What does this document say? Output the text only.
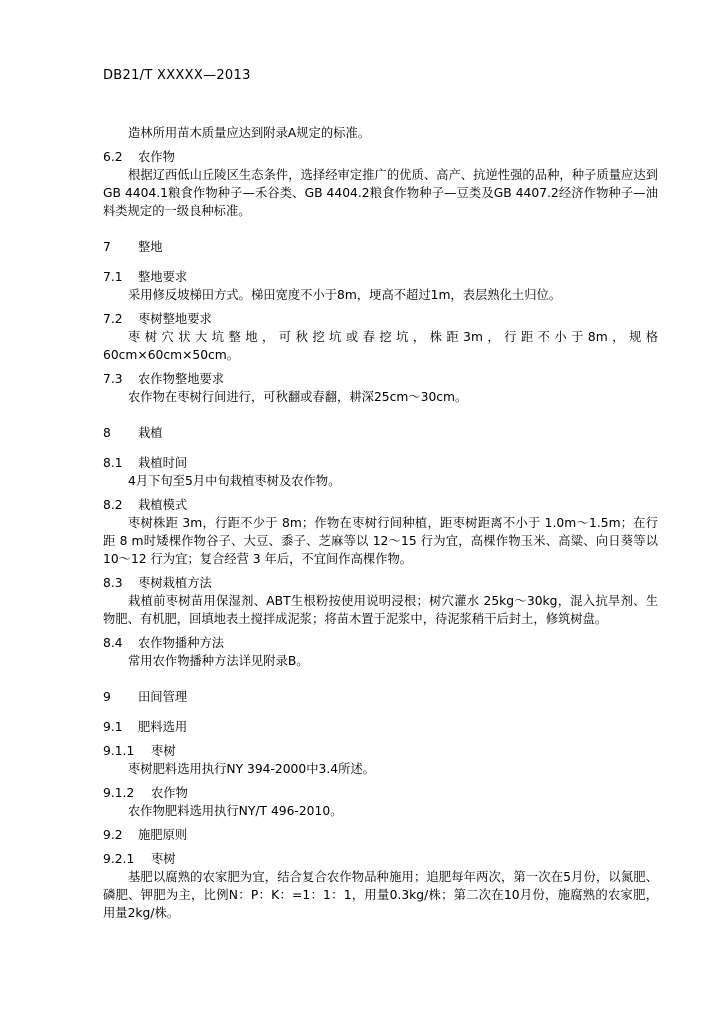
DB21/T XXXXX—2013
造林所用苗木质量应达到附录A规定的标准。
6.2 农作物
根据辽西低山丘陵区生态条件，选择经审定推广的优质、高产、抗逆性强的品种，种子质量应达到GB 4404.1粮食作物种子—禾谷类、GB 4404.2粮食作物种子—豆类及GB 4407.2经济作物种子—油料类规定的一级良种标准。
7 整地
7.1 整地要求
采用修反坡梯田方式。梯田宽度不小于8m，埂高不超过1m，表层熟化土归位。
7.2 枣树整地要求
枣树穴状大坑整地，可秋挖坑或春挖坑，株距3m，行距不小于8m，规格60cm×60cm×50cm。
7.3 农作物整地要求
农作物在枣树行间进行，可秋翻或春翻，耕深25cm～30cm。
8 栽植
8.1 栽植时间
4月下旬至5月中旬栽植枣树及农作物。
8.2 栽植模式
枣树株距 3m，行距不少于 8m；作物在枣树行间种植，距枣树距离不小于 1.0m～1.5m；在行距 8 m时矮棵作物谷子、大豆、黍子、芝麻等以 12～15 行为宜，高棵作物玉米、高粱、向日葵等以 10～12 行为宜；复合经营 3 年后，不宜间作高棵作物。
8.3 枣树栽植方法
栽植前枣树苗用保湿剂、ABT生根粉按使用说明浸根；树穴灌水 25kg～30kg，混入抗旱剂、生物肥、有机肥，回填地表土搅拌成泥浆；将苗木置于泥浆中，待泥浆稍干后封土，修筑树盘。
8.4 农作物播种方法
常用农作物播种方法详见附录B。
9 田间管理
9.1 肥料选用
9.1.1 枣树
枣树肥料选用执行NY 394-2000中3.4所述。
9.1.2 农作物
农作物肥料选用执行NY/T 496-2010。
9.2 施肥原则
9.2.1 枣树
基肥以腐熟的农家肥为宜，结合复合农作物品种施用；追肥每年两次，第一次在5月份，以氮肥、磷肥、钾肥为主，比例N：P：K：=1：1：1，用量0.3kg/株；第二次在10月份，施腐熟的农家肥，用量2kg/株。
